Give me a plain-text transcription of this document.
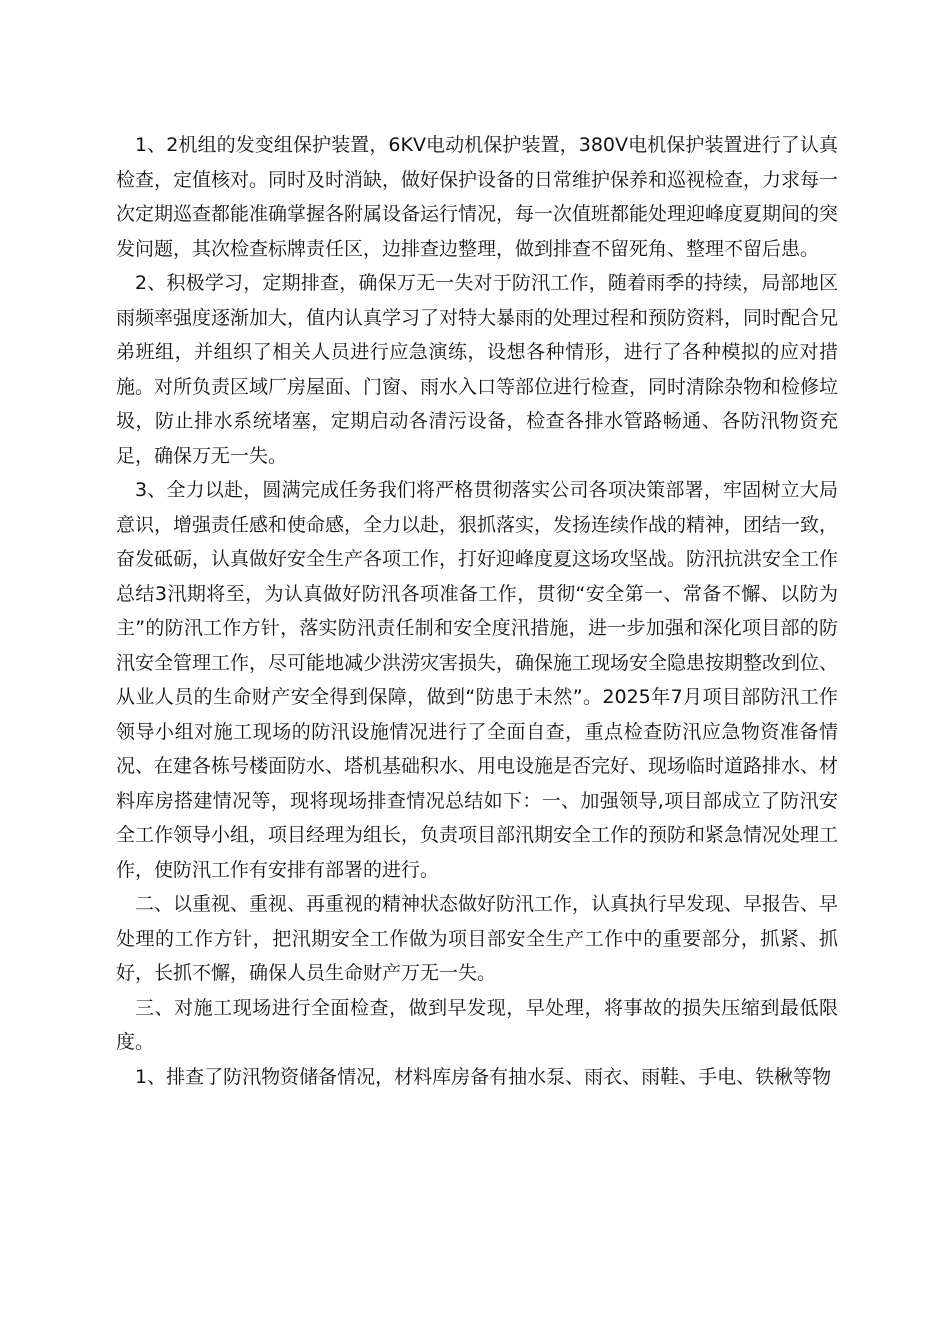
1、2机组的发变组保护装置，6KV电动机保护装置，380V电机保护装置进行了认真检查，定值核对。同时及时消缺，做好保护设备的日常维护保养和巡视检查，力求每一次定期巡查都能准确掌握各附属设备运行情况，每一次值班都能处理迎峰度夏期间的突发问题，其次检查标牌责任区，边排查边整理，做到排查不留死角、整理不留后患。

2、积极学习，定期排查，确保万无一失对于防汛工作，随着雨季的持续，局部地区雨频率强度逐渐加大，值内认真学习了对特大暴雨的处理过程和预防资料，同时配合兄弟班组，并组织了相关人员进行应急演练，设想各种情形，进行了各种模拟的应对措施。对所负责区域厂房屋面、门窗、雨水入口等部位进行检查，同时清除杂物和检修垃圾，防止排水系统堵塞，定期启动各清污设备，检查各排水管路畅通、各防汛物资充足，确保万无一失。

3、全力以赴，圆满完成任务我们将严格贯彻落实公司各项决策部署，牢固树立大局意识，增强责任感和使命感，全力以赴，狠抓落实，发扬连续作战的精神，团结一致，奋发砥砺，认真做好安全生产各项工作，打好迎峰度夏这场攻坚战。防汛抗洪安全工作总结3汛期将至，为认真做好防汛各项准备工作，贯彻“安全第一、常备不懈、以防为主”的防汛工作方针，落实防汛责任制和安全度汛措施，进一步加强和深化项目部的防汛安全管理工作，尽可能地减少洪涝灾害损失，确保施工现场安全隐患按期整改到位、从业人员的生命财产安全得到保障，做到“防患于未然”。2025年7月项目部防汛工作领导小组对施工现场的防汛设施情况进行了全面自查，重点检查防汛应急物资准备情况、在建各栋号楼面防水、塔机基础积水、用电设施是否完好、现场临时道路排水、材料库房搭建情况等，现将现场排查情况总结如下：一、加强领导,项目部成立了防汛安全工作领导小组，项目经理为组长，负责项目部汛期安全工作的预防和紧急情况处理工作，使防汛工作有安排有部署的进行。

二、以重视、重视、再重视的精神状态做好防汛工作，认真执行早发现、早报告、早处理的工作方针，把汛期安全工作做为项目部安全生产工作中的重要部分，抓紧、抓好，长抓不懈，确保人员生命财产万无一失。

三、对施工现场进行全面检查，做到早发现，早处理，将事故的损失压缩到最低限度。

1、排查了防汛物资储备情况，材料库房备有抽水泵、雨衣、雨鞋、手电、铁楸等物
